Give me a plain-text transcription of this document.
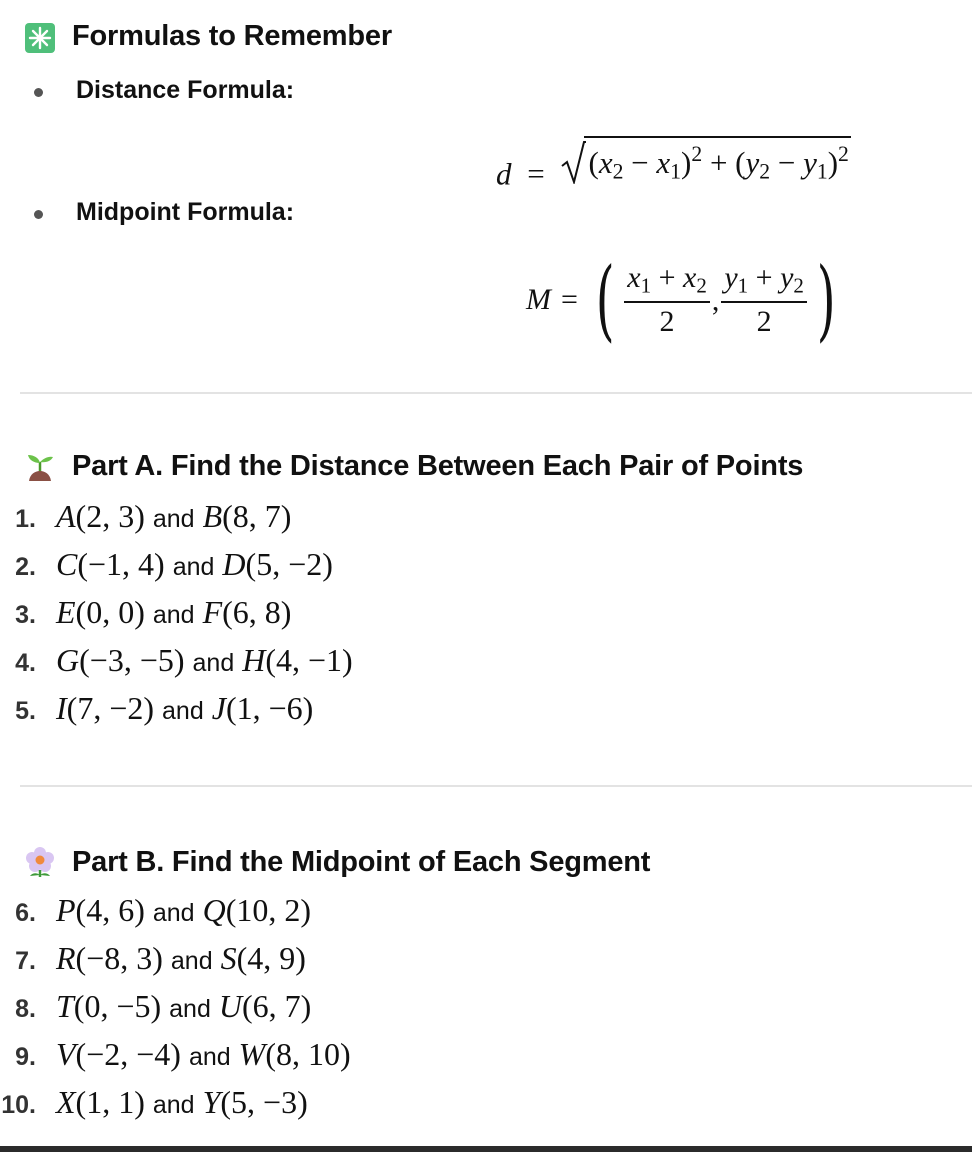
Formulas to Remember
Distance Formula:
$d = (x_2 - x_1)^2 + (y_2 - y_1)^2$
Midpoint Formula:
M = ( $\frac{x_1 + x_2}{2}$ , $\frac{y_1 + y_2}{2}$ )
Part A. Find the Distance Between Each Pair of Points
1. A(2, 3) and B(8, 7)
2. C(−1, 4) and D(5, −2)
3. E(0, 0) and F(6, 8)
4. G(−3, −5) and H(4, −1)
5. I(7, −2) and J(1, −6)
Part B. Find the Midpoint of Each Segment
6. P(4, 6) and Q(10, 2)
7. R(−8, 3) and S(4, 9)
8. T(0, −5) and U(6, 7)
9. V(−2, −4) and W(8, 10)
10. X(1, 1) and Y(5, −3)
